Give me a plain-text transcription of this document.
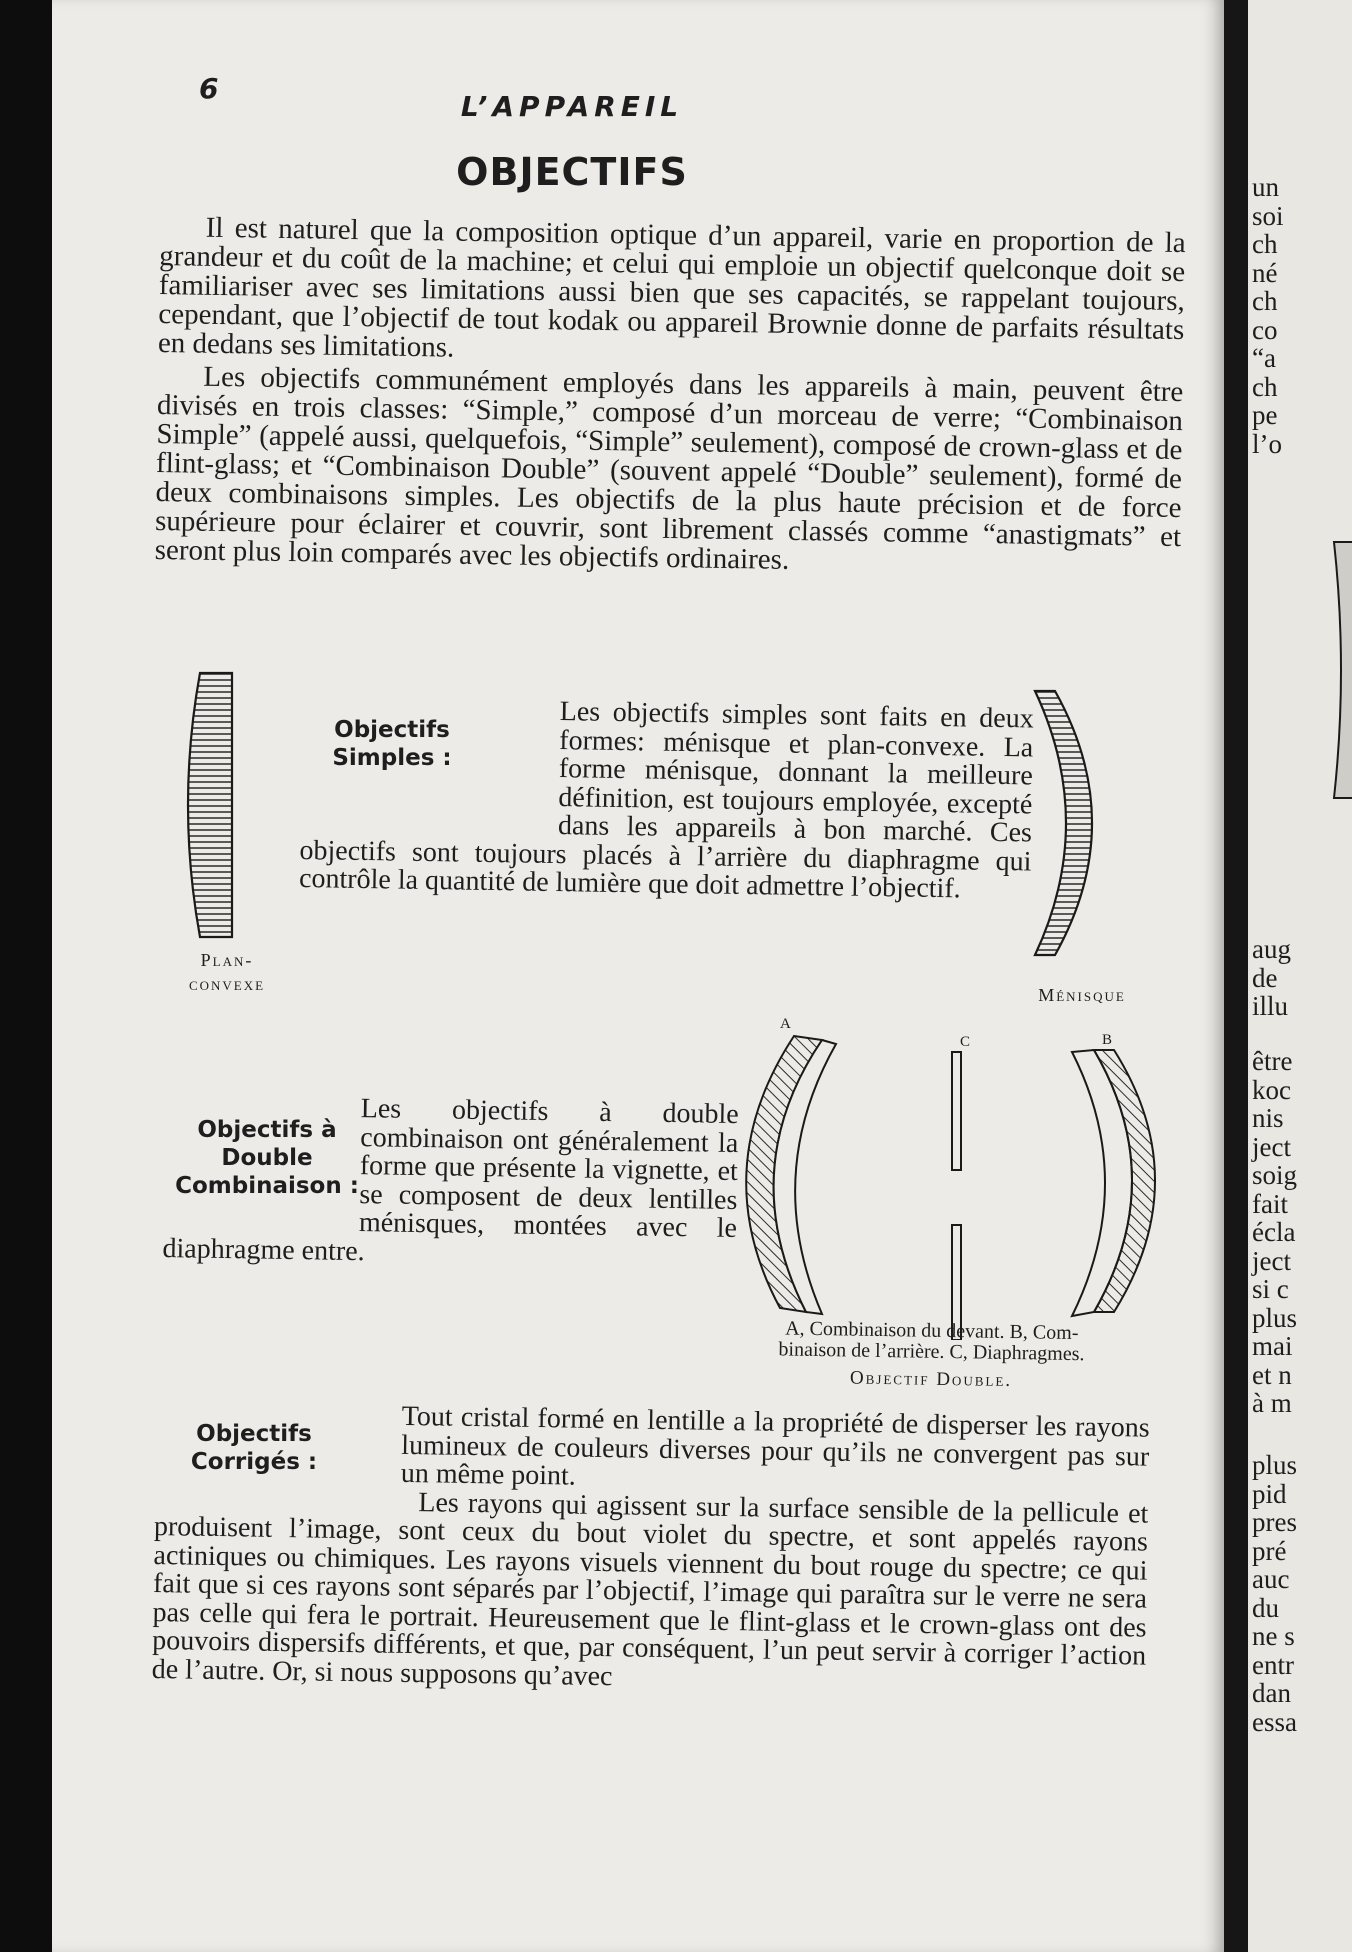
6
L’APPAREIL
OBJECTIFS

Il est naturel que la composition optique d’un appareil, varie en proportion de la grandeur et du coût de la machine; et celui qui emploie un objectif quelconque doit se familiariser avec ses limitations aussi bien que ses capacités, se rappelant toujours, cependant, que l’objectif de tout kodak ou appareil Brownie donne de parfaits résultats en dedans ses limitations.

Les objectifs communément employés dans les appareils à main, peuvent être divisés en trois classes: “Simple,” composé d’un morceau de verre; “Combinaison Simple” (appelé aussi, quelquefois, “Simple” seulement), composé de crown-glass et de flint-glass; et “Combinaison Double” (souvent appelé “Double” seulement), formé de deux combinaisons simples. Les objectifs de la plus haute précision et de force supérieure pour éclairer et couvrir, sont librement classés comme “anastigmats” et seront plus loin comparés avec les objectifs ordinaires.

Plan-
convexe
Objectifs
Simples :

Les objectifs simples sont faits en deux formes: ménisque et plan-convexe. La forme ménisque, donnant la meilleure définition, est toujours employée, excepté dans les appareils à bon marché. Ces objectifs sont toujours placés à l’arrière du diaphragme qui contrôle la quantité de lumière que doit admettre l’objectif.

Ménisque
Objectifs à
Double
Combinaison :

Les objectifs à double combinaison ont généralement la forme que présente la vignette, et se composent de deux lentilles ménisques, montées avec le diaphragme entre.

A
C	B
A, Combinaison du devant. B, Com-
binaison de l’arrière. C, Diaphragmes.
Objectif Double.
Objectifs
Corrigés :

Tout cristal formé en lentille a la propriété de disperser les rayons lumineux de couleurs diverses pour qu’ils ne convergent pas sur un même point.

Les rayons qui agissent sur la surface sensible de la pellicule et produisent l’image, sont ceux du bout violet du spectre, et sont appelés rayons actiniques ou chimiques. Les rayons visuels viennent du bout rouge du spectre; ce qui fait que si ces rayons sont séparés par l’objectif, l’image qui paraîtra sur le verre ne sera pas celle qui fera le portrait. Heureusement que le flint-glass et le crown-glass ont des pouvoirs dispersifs différents, et que, par conséquent, l’un peut servir à corriger l’action de l’autre. Or, si nous supposons qu’avec

un
soi
ch
né
ch
co
“a
ch
pe
l’o
aug
de
illu
être
koc
nis
ject
soig
fait
écla
ject
si c
plus
mai
et n
à m
plus
pid
pres
pré
auc
du
ne s
entr
dan
essa
